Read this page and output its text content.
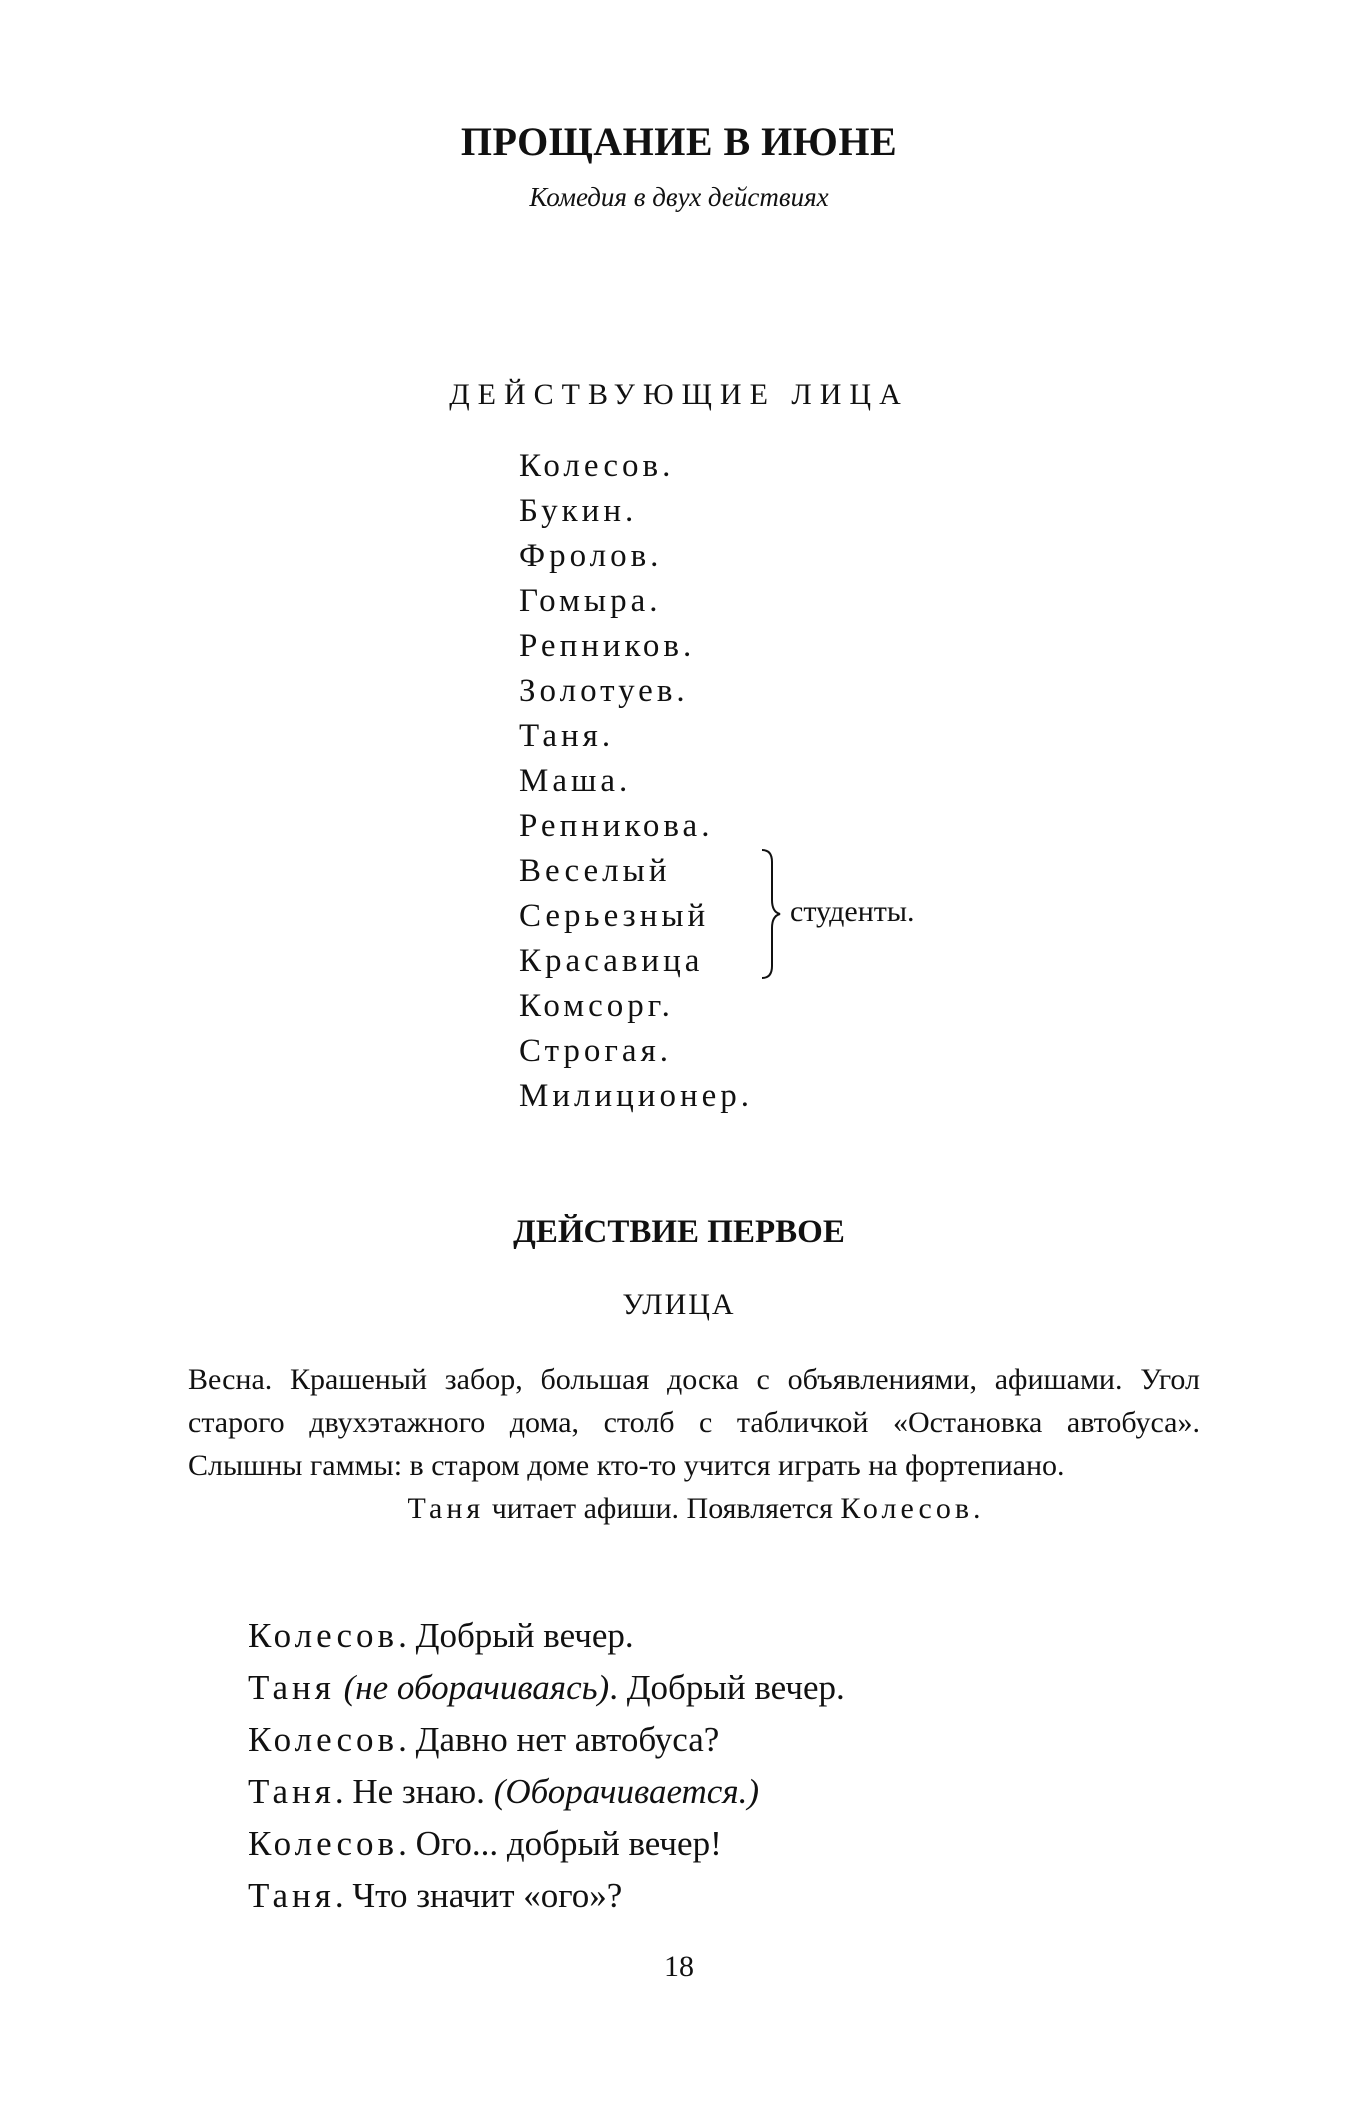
ПРОЩАНИЕ В ИЮНЕ
Комедия в двух действиях
ДЕЙСТВУЮЩИЕ ЛИЦА
Колесов.
Букин.
Фролов.
Гомыра.
Репников.
Золотуев.
Таня.
Маша.
Репникова.
Веселый
Серьезный
Красавица
Комсорг.
Строгая.
Милиционер.
студенты.
ДЕЙСТВИЕ ПЕРВОЕ
УЛИЦА
Весна. Крашеный забор, большая доска с объявлениями, афишами. Угол старого двухэтажного дома, столб с табличкой «Остановка автобуса». Слышны гаммы: в старом доме кто-то учится играть на фортепиано.
Таня читает афиши. Появляется Колесов.
Колесов. Добрый вечер.
Таня (не оборачиваясь). Добрый вечер.
Колесов. Давно нет автобуса?
Таня. Не знаю. (Оборачивается.)
Колесов. Ого... добрый вечер!
Таня. Что значит «ого»?
18
